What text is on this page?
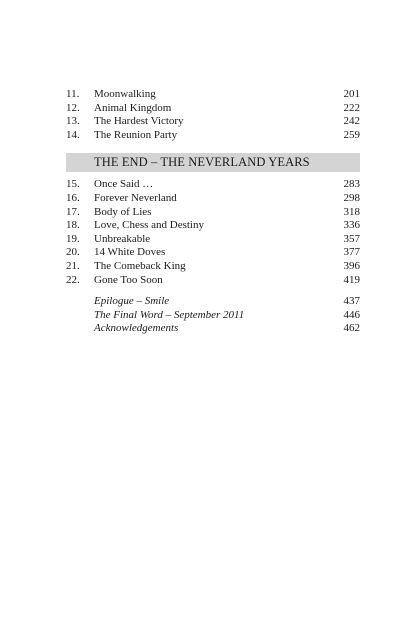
11.	Moonwalking	201
12.	Animal Kingdom	222
13.	The Hardest Victory	242
14.	The Reunion Party	259
THE END – THE NEVERLAND YEARS
15.	Once Said …	283
16.	Forever Neverland	298
17.	Body of Lies	318
18.	Love, Chess and Destiny	336
19.	Unbreakable	357
20.	14 White Doves	377
21.	The Comeback King	396
22.	Gone Too Soon	419
Epilogue – Smile	437
The Final Word – September 2011	446
Acknowledgements	462
